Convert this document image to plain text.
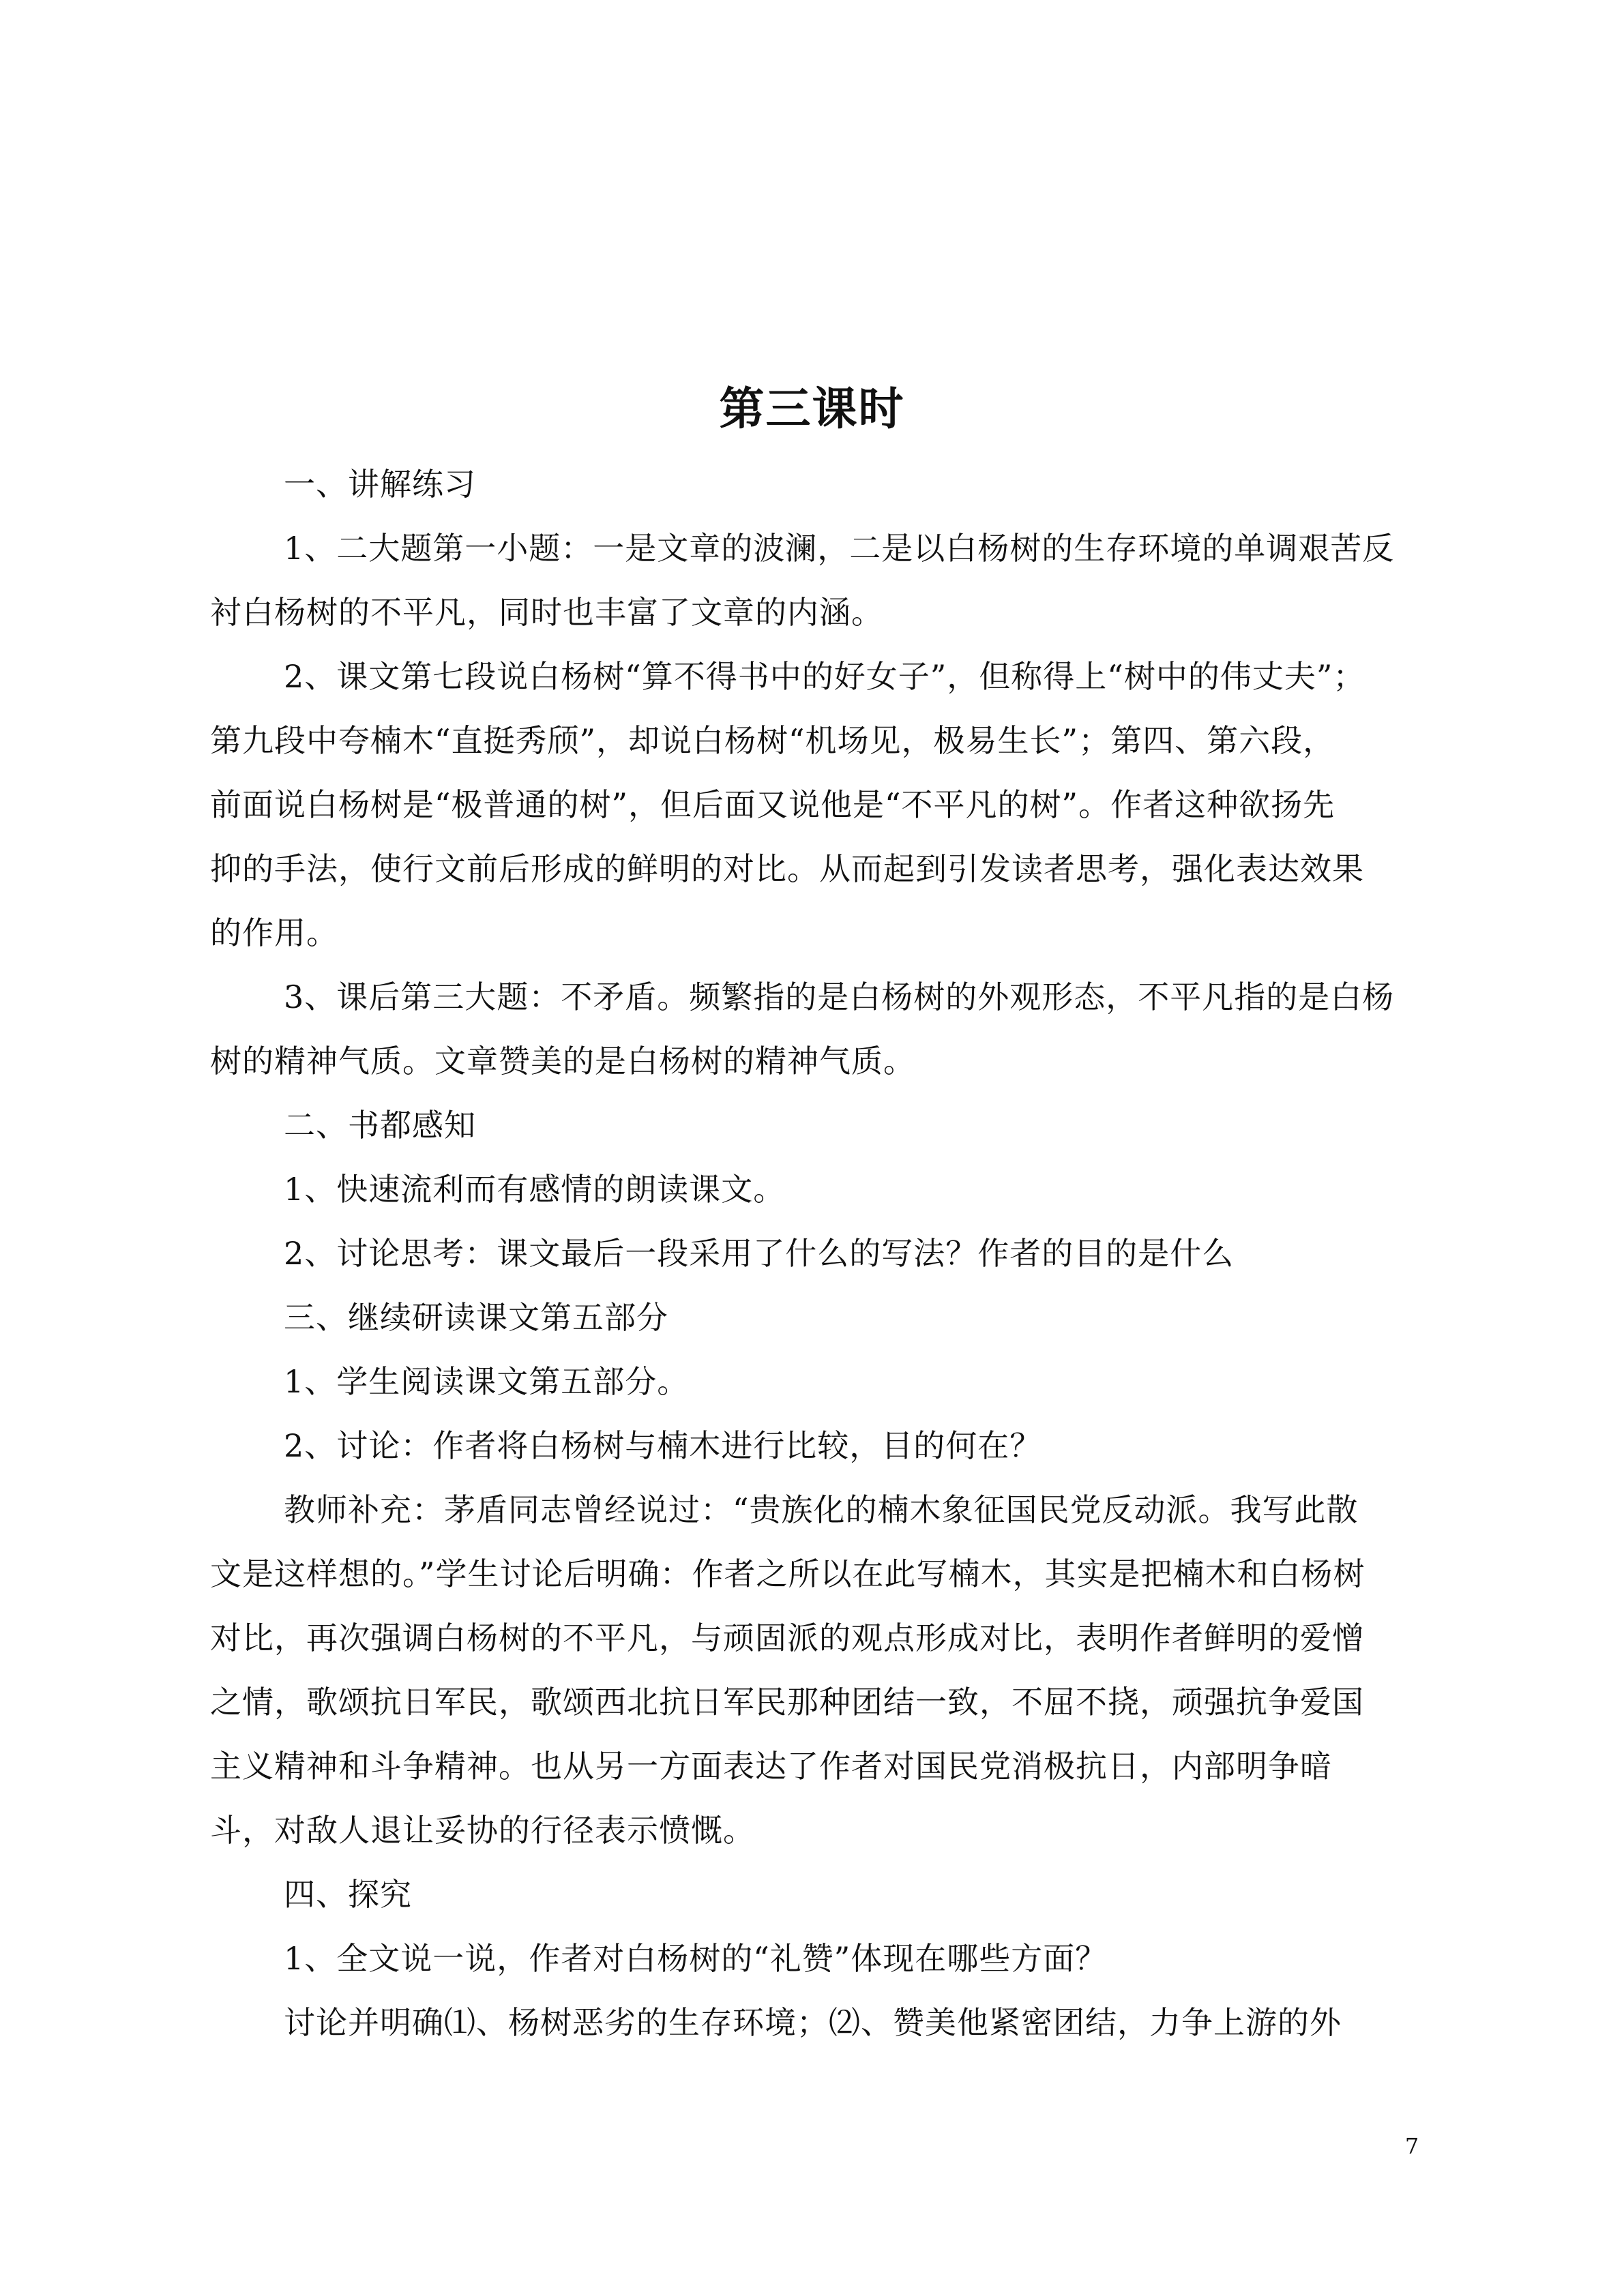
第三课时
一、讲解练习
1、二大题第一小题：一是文章的波澜，二是以白杨树的生存环境的单调艰苦反
衬白杨树的不平凡，同时也丰富了文章的内涵。
2、课文第七段说白杨树“算不得书中的好女子”，但称得上“树中的伟丈夫”；
第九段中夸楠木“直挺秀颀”，却说白杨树“机场见，极易生长”；第四、第六段，
前面说白杨树是“极普通的树”，但后面又说他是“不平凡的树”。作者这种欲扬先
抑的手法，使行文前后形成的鲜明的对比。从而起到引发读者思考，强化表达效果
的作用。
3、课后第三大题：不矛盾。频繁指的是白杨树的外观形态，不平凡指的是白杨
树的精神气质。文章赞美的是白杨树的精神气质。
二、书都感知
1、快速流利而有感情的朗读课文。
2、讨论思考：课文最后一段采用了什么的写法？作者的目的是什么
三、继续研读课文第五部分
1、学生阅读课文第五部分。
2、讨论：作者将白杨树与楠木进行比较，目的何在？
教师补充：茅盾同志曾经说过：“贵族化的楠木象征国民党反动派。我写此散
文是这样想的。”学生讨论后明确：作者之所以在此写楠木，其实是把楠木和白杨树
对比，再次强调白杨树的不平凡，与顽固派的观点形成对比，表明作者鲜明的爱憎
之情，歌颂抗日军民，歌颂西北抗日军民那种团结一致，不屈不挠，顽强抗争爱国
主义精神和斗争精神。也从另一方面表达了作者对国民党消极抗日，内部明争暗
斗，对敌人退让妥协的行径表示愤慨。
四、探究
1、全文说一说，作者对白杨树的“礼赞”体现在哪些方面？
讨论并明确⑴、杨树恶劣的生存环境；⑵、赞美他紧密团结，力争上游的外
7
